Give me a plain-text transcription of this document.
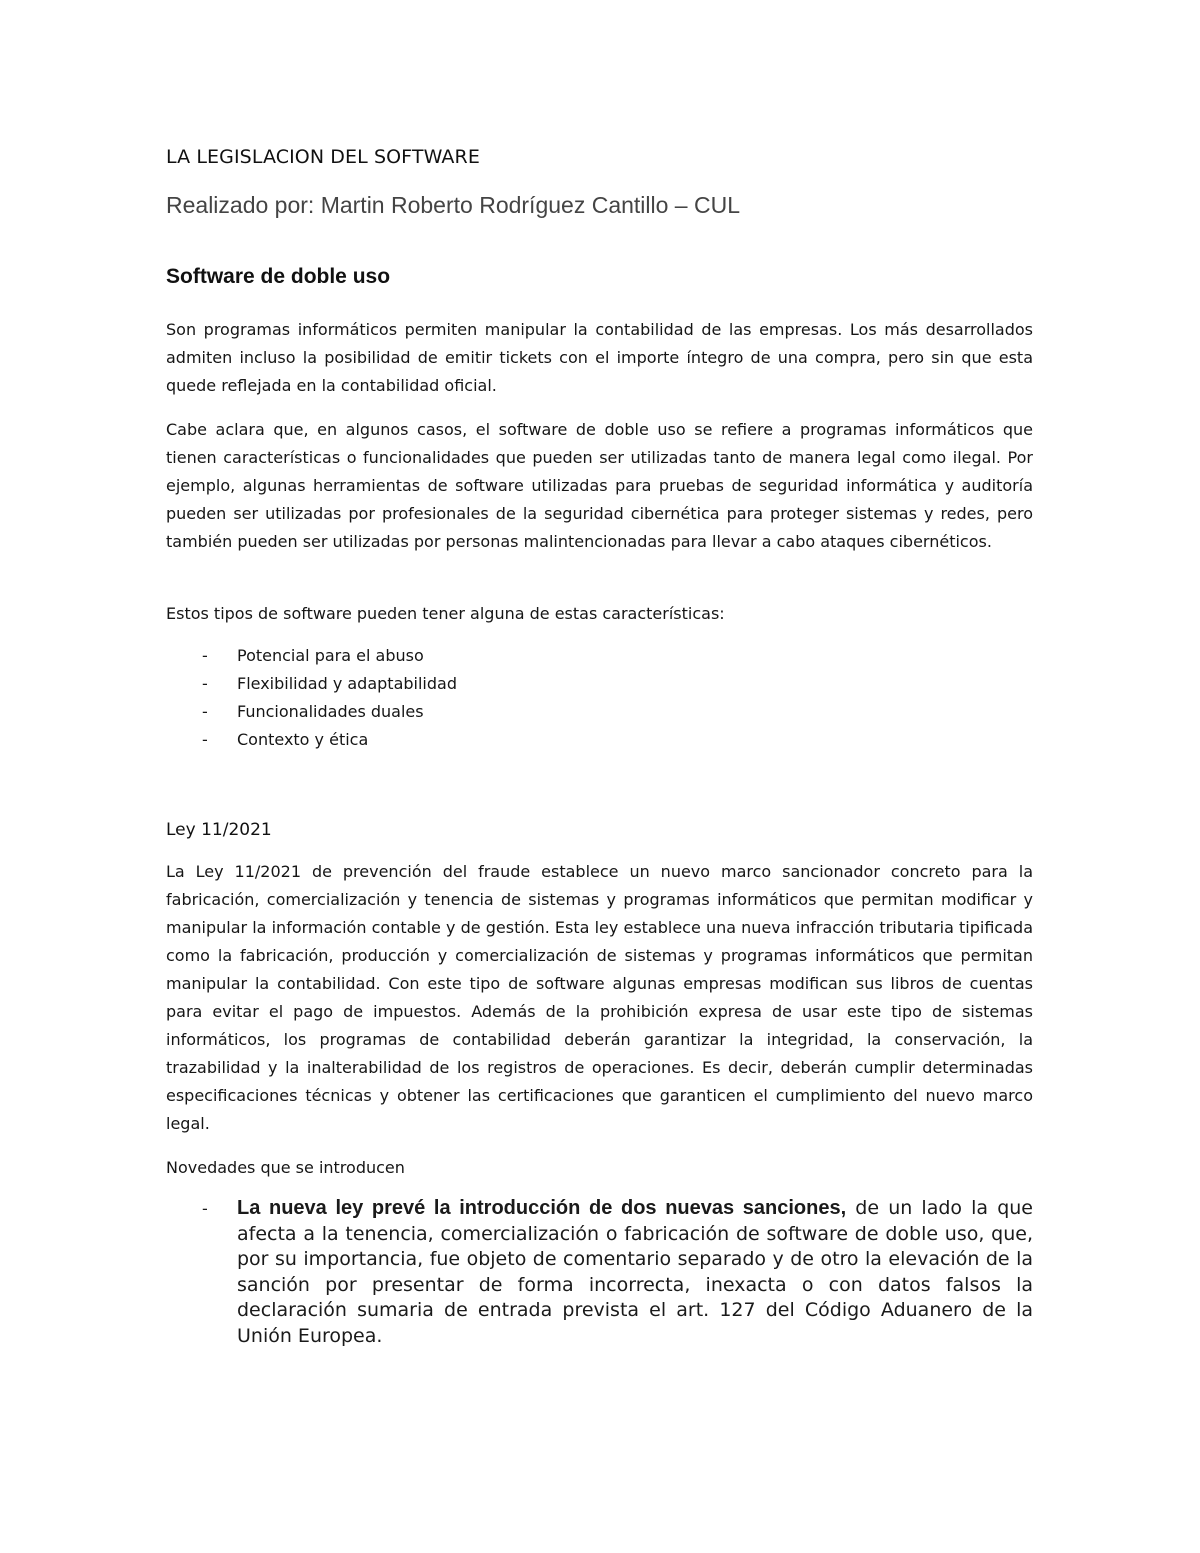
LA LEGISLACION DEL SOFTWARE
Realizado por: Martin Roberto Rodríguez Cantillo – CUL
Software de doble uso

Son programas informáticos permiten manipular la contabilidad de las empresas. Los más desarrollados admiten incluso la posibilidad de emitir tickets con el importe íntegro de una compra, pero sin que esta quede reflejada en la contabilidad oficial.

Cabe aclara que, en algunos casos, el software de doble uso se refiere a programas informáticos que tienen características o funcionalidades que pueden ser utilizadas tanto de manera legal como ilegal. Por ejemplo, algunas herramientas de software utilizadas para pruebas de seguridad informática y auditoría pueden ser utilizadas por profesionales de la seguridad cibernética para proteger sistemas y redes, pero también pueden ser utilizadas por personas malintencionadas para llevar a cabo ataques cibernéticos.

Estos tipos de software pueden tener alguna de estas características:

- Potencial para el abuso
- Flexibilidad y adaptabilidad
- Funcionalidades duales
- Contexto y ética
Ley 11/2021

La Ley 11/2021 de prevención del fraude establece un nuevo marco sancionador concreto para la fabricación, comercialización y tenencia de sistemas y programas informáticos que permitan modificar y manipular la información contable y de gestión. Esta ley establece una nueva infracción tributaria tipificada como la fabricación, producción y comercialización de sistemas y programas informáticos que permitan manipular la contabilidad. Con este tipo de software algunas empresas modifican sus libros de cuentas para evitar el pago de impuestos. Además de la prohibición expresa de usar este tipo de sistemas informáticos, los programas de contabilidad deberán garantizar la integridad, la conservación, la trazabilidad y la inalterabilidad de los registros de operaciones. Es decir, deberán cumplir determinadas especificaciones técnicas y obtener las certificaciones que garanticen el cumplimiento del nuevo marco legal.

Novedades que se introducen

- La nueva ley prevé la introducción de dos nuevas sanciones, de un lado la que afecta a la tenencia, comercialización o fabricación de software de doble uso, que, por su importancia, fue objeto de comentario separado y de otro la elevación de la sanción por presentar de forma incorrecta, inexacta o con datos falsos la declaración sumaria de entrada prevista el art. 127 del Código Aduanero de la Unión Europea.
